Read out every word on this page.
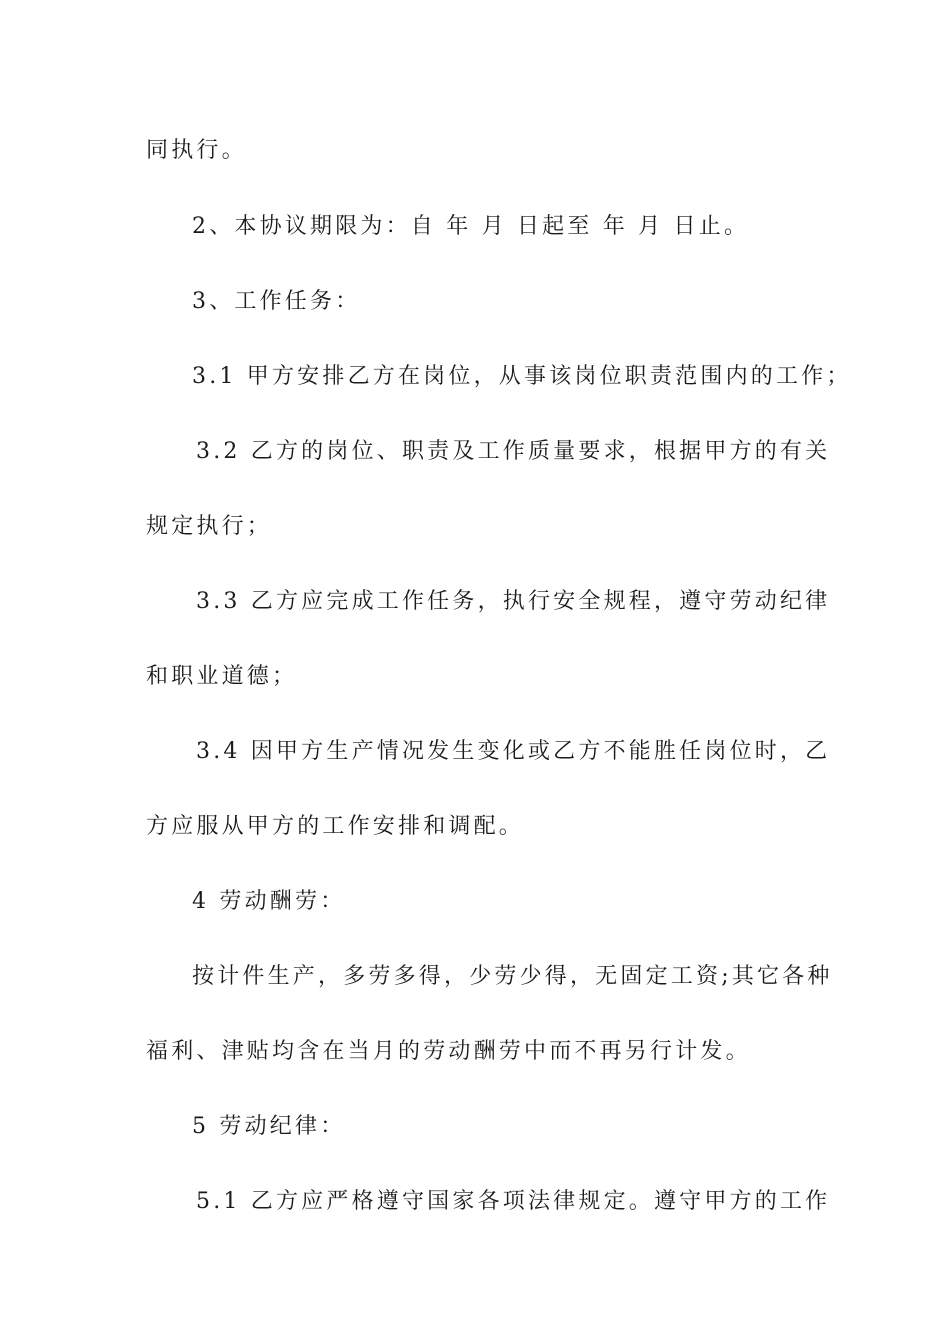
同执行。
2、本协议期限为：自 年 月 日起至 年 月 日止。
3、工作任务：
3.1 甲方安排乙方在岗位，从事该岗位职责范围内的工作；
3.2 乙方的岗位、职责及工作质量要求，根据甲方的有关
规定执行；
3.3 乙方应完成工作任务，执行安全规程，遵守劳动纪律
和职业道德；
3.4 因甲方生产情况发生变化或乙方不能胜任岗位时，乙
方应服从甲方的工作安排和调配。
4 劳动酬劳：
按计件生产，多劳多得，少劳少得，无固定工资;其它各种
福利、津贴均含在当月的劳动酬劳中而不再另行计发。
5 劳动纪律：
5.1 乙方应严格遵守国家各项法律规定。遵守甲方的工作
